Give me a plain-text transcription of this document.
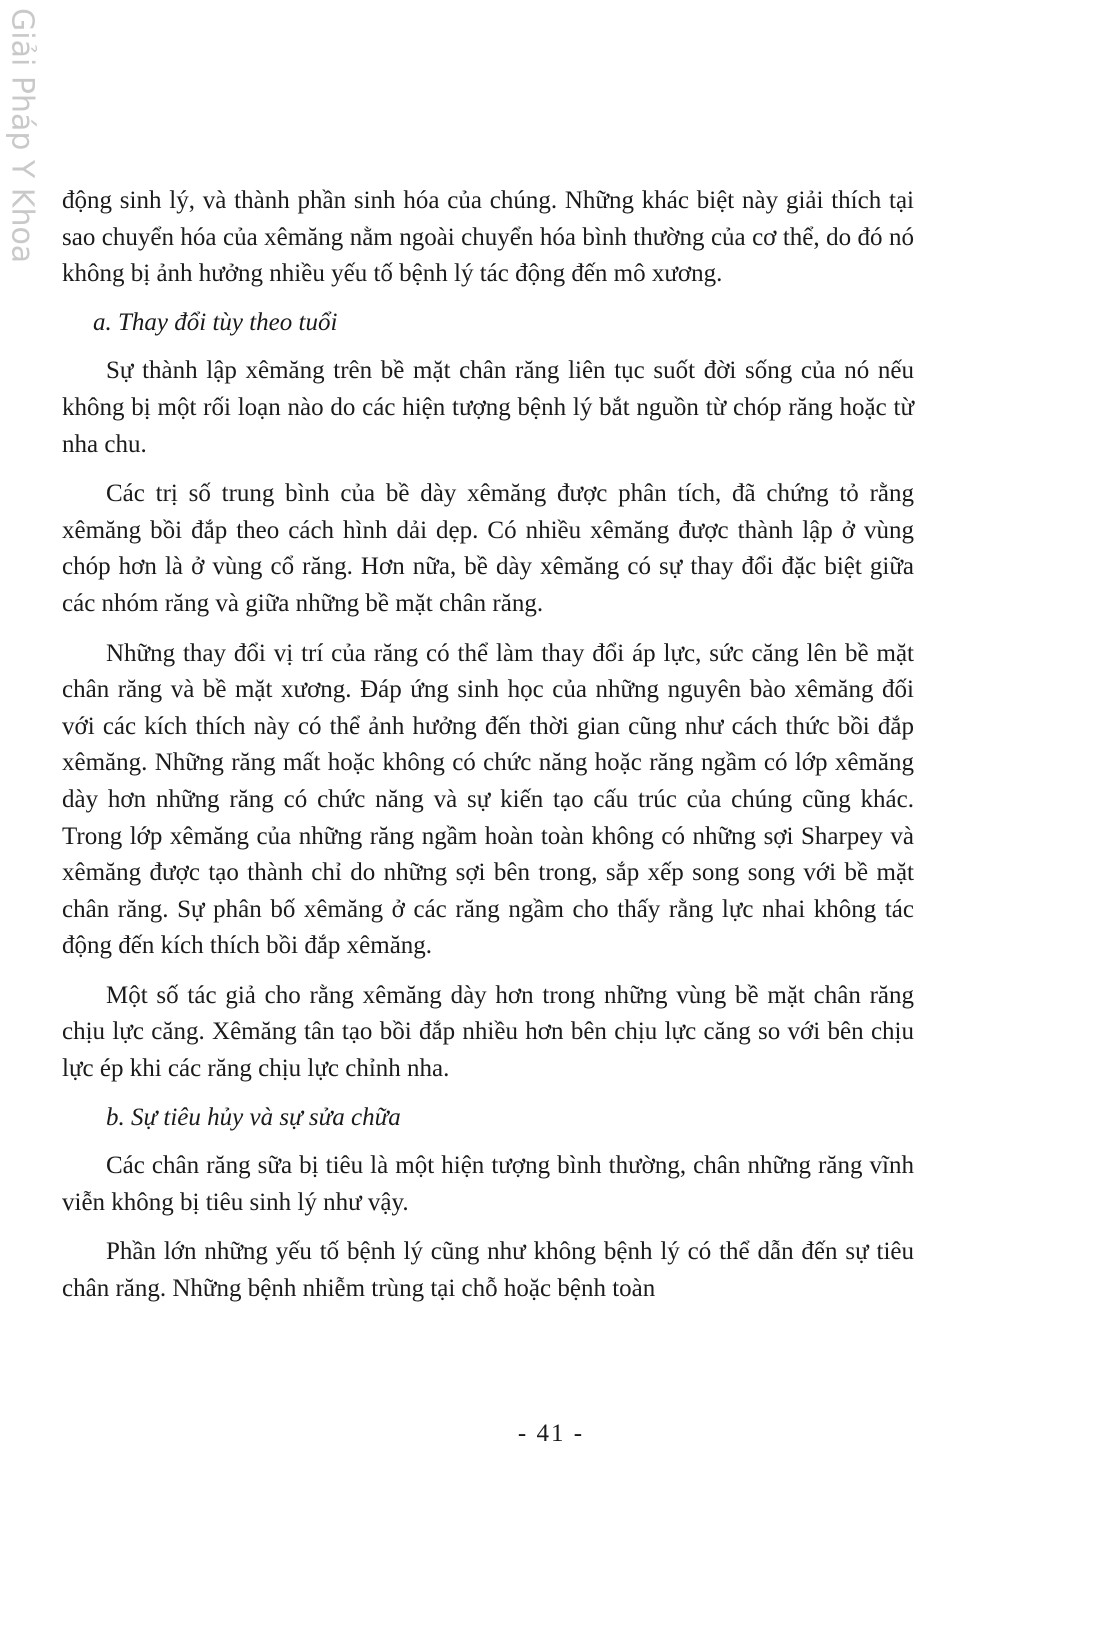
Giải Pháp Y Khoa động sinh lý, và thành phần sinh hóa của chúng. Những khác biệt này giải thích tại sao chuyển hóa của xêmăng nằm ngoài chuyển hóa bình thường của cơ thể, do đó nó không bị ảnh hưởng nhiều yếu tố bệnh lý tác động đến mô xương.

a. Thay đổi tùy theo tuổi

Sự thành lập xêmăng trên bề mặt chân răng liên tục suốt đời sống của nó nếu không bị một rối loạn nào do các hiện tượng bệnh lý bắt nguồn từ chóp răng hoặc từ nha chu.

Các trị số trung bình của bề dày xêmăng được phân tích, đã chứng tỏ rằng xêmăng bồi đắp theo cách hình dải dẹp. Có nhiều xêmăng được thành lập ở vùng chóp hơn là ở vùng cổ răng. Hơn nữa, bề dày xêmăng có sự thay đổi đặc biệt giữa các nhóm răng và giữa những bề mặt chân răng.

Những thay đổi vị trí của răng có thể làm thay đổi áp lực, sức căng lên bề mặt chân răng và bề mặt xương. Đáp ứng sinh học của những nguyên bào xêmăng đối với các kích thích này có thể ảnh hưởng đến thời gian cũng như cách thức bồi đắp xêmăng. Những răng mất hoặc không có chức năng hoặc răng ngầm có lớp xêmăng dày hơn những răng có chức năng và sự kiến tạo cấu trúc của chúng cũng khác. Trong lớp xêmăng của những răng ngầm hoàn toàn không có những sợi Sharpey và xêmăng được tạo thành chỉ do những sợi bên trong, sắp xếp song song với bề mặt chân răng. Sự phân bố xêmăng ở các răng ngầm cho thấy rằng lực nhai không tác động đến kích thích bồi đắp xêmăng.

Một số tác giả cho rằng xêmăng dày hơn trong những vùng bề mặt chân răng chịu lực căng. Xêmăng tân tạo bồi đắp nhiều hơn bên chịu lực căng so với bên chịu lực ép khi các răng chịu lực chỉnh nha.

b. Sự tiêu hủy và sự sửa chữa

Các chân răng sữa bị tiêu là một hiện tượng bình thường, chân những răng vĩnh viễn không bị tiêu sinh lý như vậy.

Phần lớn những yếu tố bệnh lý cũng như không bệnh lý có thể dẫn đến sự tiêu chân răng. Những bệnh nhiễm trùng tại chỗ hoặc bệnh toàn

- 41 -
